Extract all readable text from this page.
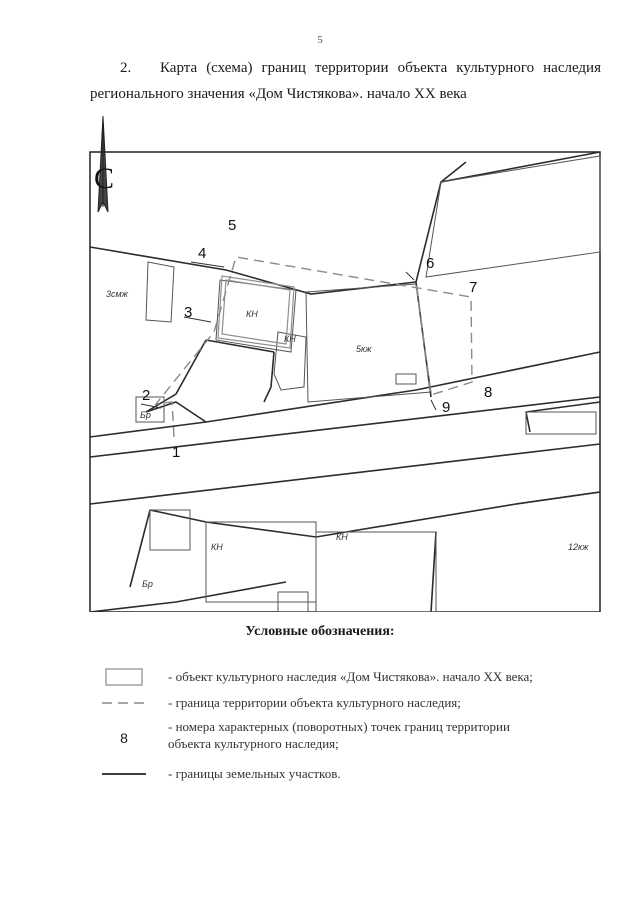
5
2. Карта (схема) границ территории объекта культурного наследия
регионального значения «Дом Чистякова». начало XX века
С
1
2
3
4
5
6
7
8
9
3смж
КН
КН
5кж
КН
КН
12кж
Бр
Бр
Условные обозначения:
- объект культурного наследия «Дом Чистякова». начало XX века;
- граница территории объекта культурного наследия;
8
- номера характерных (поворотных) точек границ территории
объекта культурного наследия;
- границы земельных участков.
